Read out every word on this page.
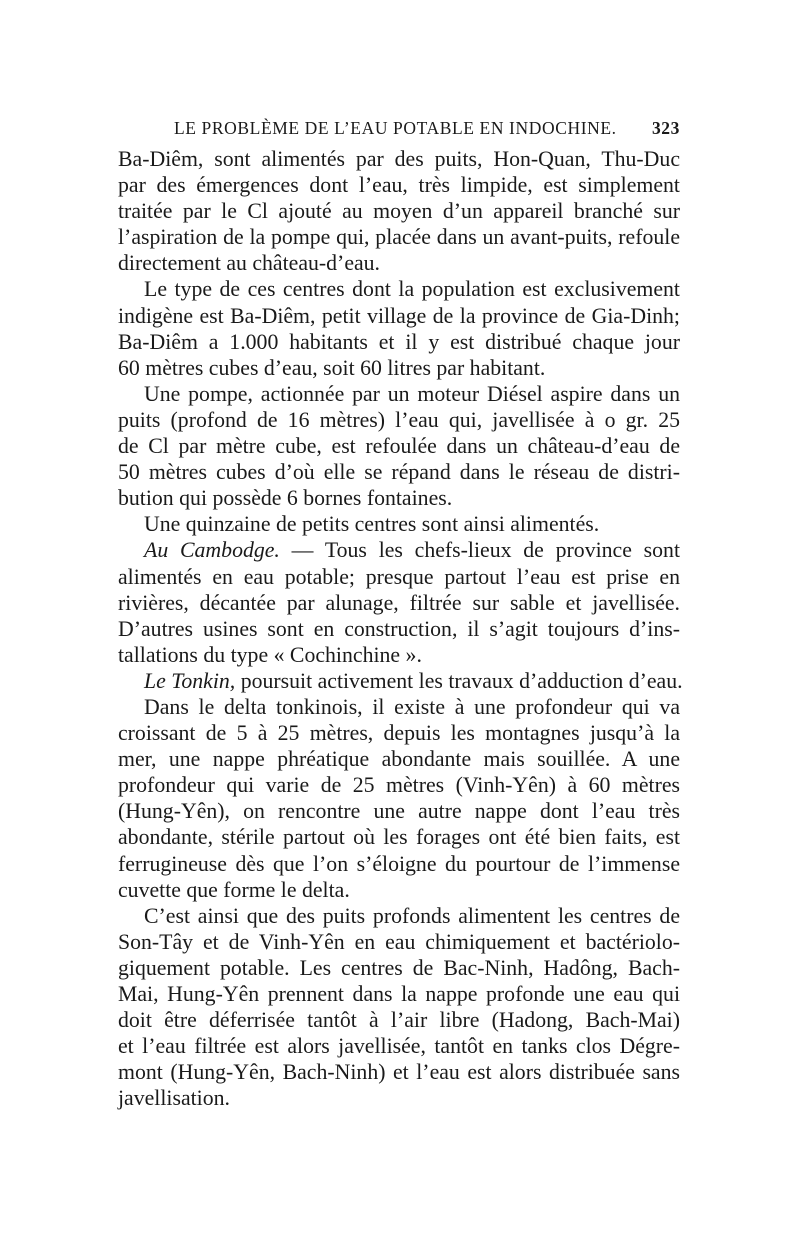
LE PROBLÈME DE L’EAU POTABLE EN INDOCHINE. 323
Ba-Diêm, sont alimentés par des puits, Hon-Quan, Thu-Duc
par des émergences dont l’eau, très limpide, est simplement
traitée par le Cl ajouté au moyen d’un appareil branché sur
l’aspiration de la pompe qui, placée dans un avant-puits, refoule
directement au château-d’eau.
Le type de ces centres dont la population est exclusivement
indigène est Ba-Diêm, petit village de la province de Gia-Dinh;
Ba-Diêm a 1.000 habitants et il y est distribué chaque jour
60 mètres cubes d’eau, soit 60 litres par habitant.
Une pompe, actionnée par un moteur Diésel aspire dans un
puits (profond de 16 mètres) l’eau qui, javellisée à o gr. 25
de Cl par mètre cube, est refoulée dans un château-d’eau de
50 mètres cubes d’où elle se répand dans le réseau de distri-
bution qui possède 6 bornes fontaines.
Une quinzaine de petits centres sont ainsi alimentés.
Au Cambodge. — Tous les chefs-lieux de province sont
alimentés en eau potable; presque partout l’eau est prise en
rivières, décantée par alunage, filtrée sur sable et javellisée.
D’autres usines sont en construction, il s’agit toujours d’ins-
tallations du type « Cochinchine ».
Le Tonkin, poursuit activement les travaux d’adduction d’eau.
Dans le delta tonkinois, il existe à une profondeur qui va
croissant de 5 à 25 mètres, depuis les montagnes jusqu’à la
mer, une nappe phréatique abondante mais souillée. A une
profondeur qui varie de 25 mètres (Vinh-Yên) à 60 mètres
(Hung-Yên), on rencontre une autre nappe dont l’eau très
abondante, stérile partout où les forages ont été bien faits, est
ferrugineuse dès que l’on s’éloigne du pourtour de l’immense
cuvette que forme le delta.
C’est ainsi que des puits profonds alimentent les centres de
Son-Tây et de Vinh-Yên en eau chimiquement et bactériolo-
giquement potable. Les centres de Bac-Ninh, Hadông, Bach-
Mai, Hung-Yên prennent dans la nappe profonde une eau qui
doit être déferrisée tantôt à l’air libre (Hadong, Bach-Mai)
et l’eau filtrée est alors javellisée, tantôt en tanks clos Dégre-
mont (Hung-Yên, Bach-Ninh) et l’eau est alors distribuée sans
javellisation.
